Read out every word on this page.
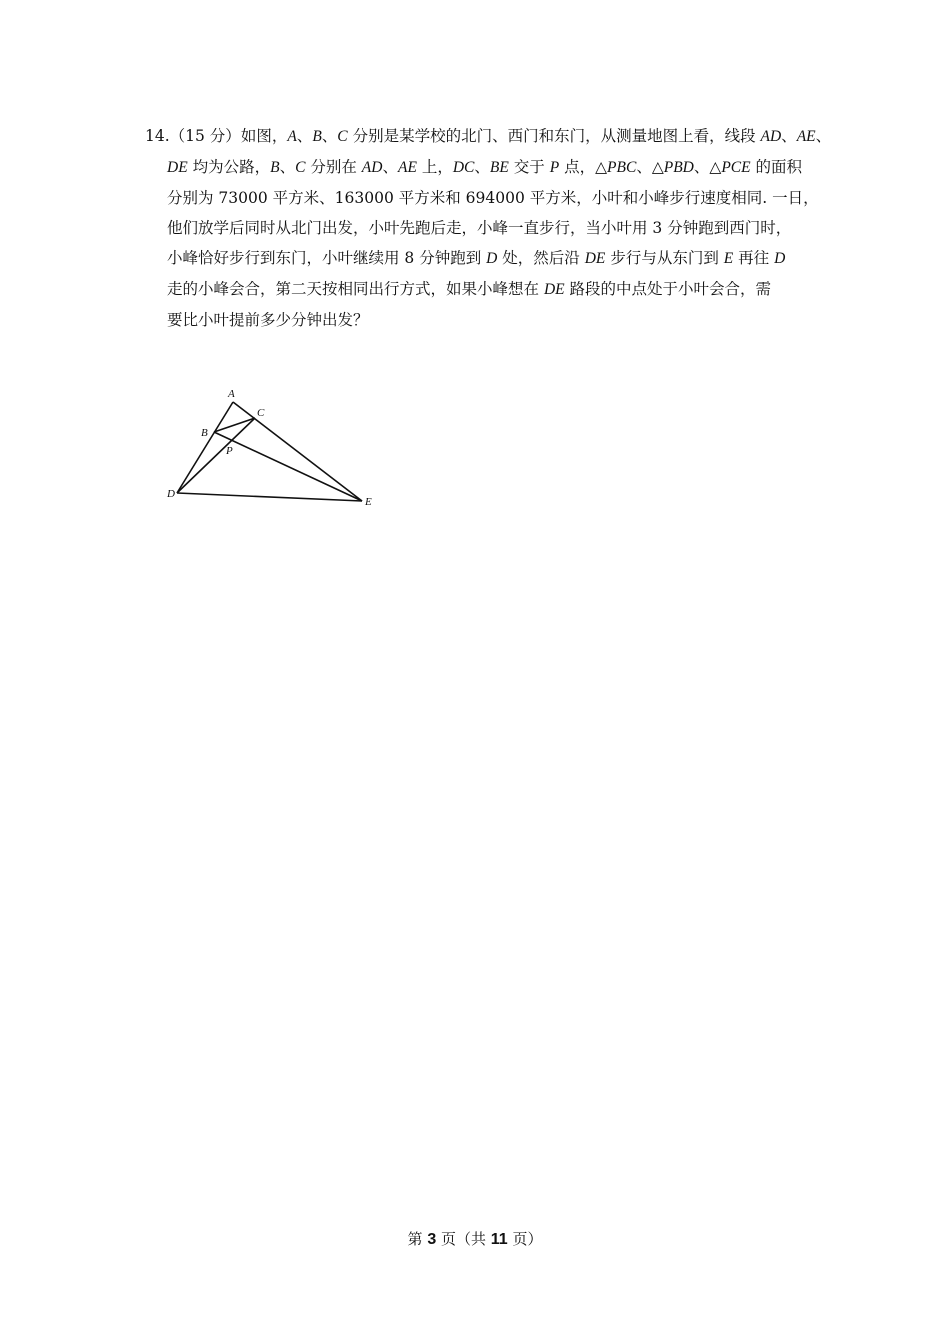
14.（15 分）如图，A、B、C 分别是某学校的北门、西门和东门，从测量地图上看，线段 AD、AE、
DE 均为公路，B、C 分别在 AD、AE 上，DC、BE 交于 P 点，△PBC、△PBD、△PCE 的面积
分别为 73000 平方米、163000 平方米和 694000 平方米，小叶和小峰步行速度相同. 一日，
他们放学后同时从北门出发，小叶先跑后走，小峰一直步行，当小叶用 3 分钟跑到西门时，
小峰恰好步行到东门，小叶继续用 8 分钟跑到 D 处，然后沿 DE 步行与从东门到 E 再往 D
走的小峰会合，第二天按相同出行方式，如果小峰想在 DE 路段的中点处于小叶会合，需
要比小叶提前多少分钟出发？
A
C
B
P
D
E
第 3 页（共 11 页）
